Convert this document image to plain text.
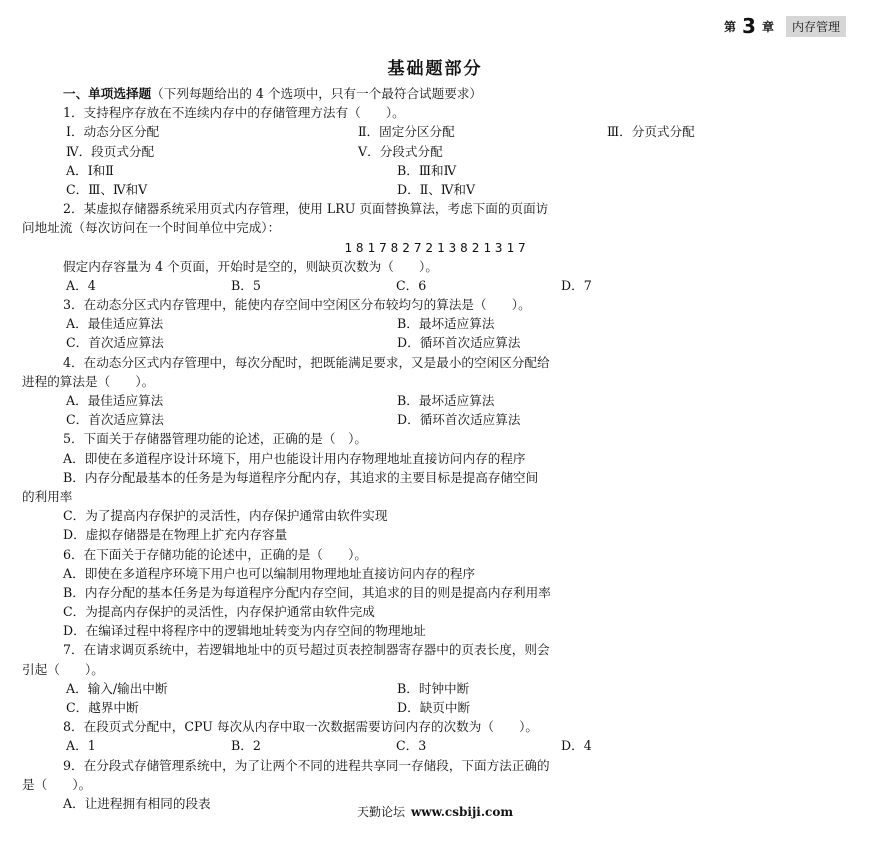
第 3 章	内存管理
基础题部分
一、单项选择题（下列每题给出的 4 个选项中，只有一个最符合试题要求）
1．支持程序存放在不连续内存中的存储管理方法有（　　）。
Ⅰ．动态分区分配	Ⅱ．固定分区分配	Ⅲ．分页式分配
Ⅳ．段页式分配	Ⅴ．分段式分配
A．Ⅰ和Ⅱ	B．Ⅲ和Ⅳ
C．Ⅲ、Ⅳ和Ⅴ	D．Ⅱ、Ⅳ和Ⅴ
2．某虚拟存储器系统采用页式内存管理，使用 LRU 页面替换算法，考虑下面的页面访
问地址流（每次访问在一个时间单位中完成）：
1817827213821317
假定内存容量为 4 个页面，开始时是空的，则缺页次数为（　　）。
A．4	B．5	C．6	D．7
3．在动态分区式内存管理中，能使内存空间中空闲区分布较均匀的算法是（　　）。
A．最佳适应算法	B．最坏适应算法
C．首次适应算法	D．循环首次适应算法
4．在动态分区式内存管理中，每次分配时，把既能满足要求，又是最小的空闲区分配给
进程的算法是（　　）。
A．最佳适应算法	B．最坏适应算法
C．首次适应算法	D．循环首次适应算法
5．下面关于存储器管理功能的论述，正确的是（　）。
A．即使在多道程序设计环境下，用户也能设计用内存物理地址直接访问内存的程序
B．内存分配最基本的任务是为每道程序分配内存，其追求的主要目标是提高存储空间
的利用率
C．为了提高内存保护的灵活性，内存保护通常由软件实现
D．虚拟存储器是在物理上扩充内存容量
6．在下面关于存储功能的论述中，正确的是（　　）。
A．即使在多道程序环境下用户也可以编制用物理地址直接访问内存的程序
B．内存分配的基本任务是为每道程序分配内存空间，其追求的目的则是提高内存利用率
C．为提高内存保护的灵活性，内存保护通常由软件完成
D．在编译过程中将程序中的逻辑地址转变为内存空间的物理地址
7．在请求调页系统中，若逻辑地址中的页号超过页表控制器寄存器中的页表长度，则会
引起（　　）。
A．输入/输出中断	B．时钟中断
C．越界中断	D．缺页中断
8．在段页式分配中，CPU 每次从内存中取一次数据需要访问内存的次数为（　　）。
A．1	B．2	C．3	D．4
9．在分段式存储管理系统中，为了让两个不同的进程共享同一存储段，下面方法正确的
是（　　）。
A．让进程拥有相同的段表
天勤论坛 www.csbiji.com
